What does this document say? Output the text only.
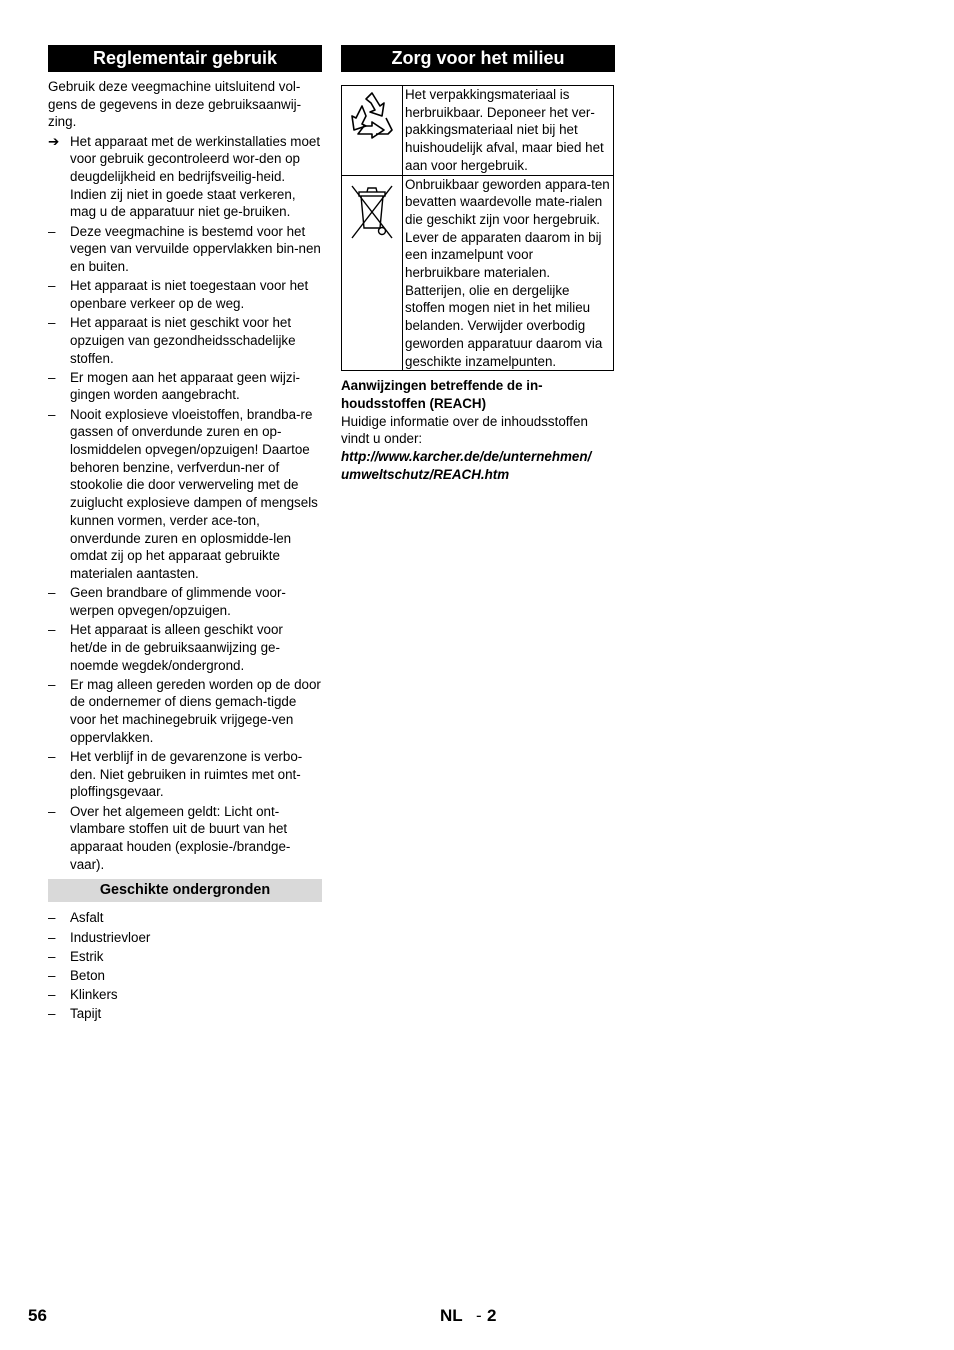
Reglementair gebruik

Gebruik deze veegmachine uitsluitend vol-gens de gegevens in deze gebruiksaanwij-zing.

➔ Het apparaat met de werkinstallaties moet voor gebruik gecontroleerd wor-den op deugdelijkheid en bedrijfsveilig-heid. Indien zij niet in goede staat verkeren, mag u de apparatuur niet ge-bruiken.
–	Deze veegmachine is bestemd voor het vegen van vervuilde oppervlakken bin-nen en buiten.
–	Het apparaat is niet toegestaan voor het openbare verkeer op de weg.
–	Het apparaat is niet geschikt voor het opzuigen van gezondheidsschadelijke stoffen.
–	Er mogen aan het apparaat geen wijzi-gingen worden aangebracht.
–	Nooit explosieve vloeistoffen, brandba-re gassen of onverdunde zuren en op-losmiddelen opvegen/opzuigen! Daartoe behoren benzine, verfverdun-ner of stookolie die door verwerveling met de zuiglucht explosieve dampen of mengsels kunnen vormen, verder ace-ton, onverdunde zuren en oplosmidde-len omdat zij op het apparaat gebruikte materialen aantasten.
–	Geen brandbare of glimmende voor-werpen opvegen/opzuigen.
–	Het apparaat is alleen geschikt voor het/de in de gebruiksaanwijzing ge-noemde wegdek/ondergrond.
–	Er mag alleen gereden worden op de door de ondernemer of diens gemach-tigde voor het machinegebruik vrijgege-ven oppervlakken.
–	Het verblijf in de gevarenzone is verbo-den. Niet gebruiken in ruimtes met ont-ploffingsgevaar.
–	Over het algemeen geldt: Licht ont-vlambare stoffen uit de buurt van het apparaat houden (explosie-/brandge-vaar).
Geschikte ondergronden
–	Asfalt
–	Industrievloer
–	Estrik
–	Beton
–	Klinkers
–	Tapijt
Zorg voor het milieu
	Het verpakkingsmateriaal is herbruikbaar. Deponeer het ver-pakkingsmateriaal niet bij het huishoudelijk afval, maar bied het aan voor hergebruik.
	Onbruikbaar geworden appara-ten bevatten waardevolle mate-rialen die geschikt zijn voor hergebruik. Lever de apparaten daarom in bij een inzamelpunt voor herbruikbare materialen. Batterijen, olie en dergelijke stoffen mogen niet in het milieu belanden. Verwijder overbodig geworden apparatuur daarom via geschikte inzamelpunten.
Aanwijzingen betreffende de in-houdsstoffen (REACH)

Huidige informatie over de inhoudsstoffen vindt u onder:

http://www.karcher.de/de/unternehmen/
umweltschutz/REACH.htm
56	NL - 2
